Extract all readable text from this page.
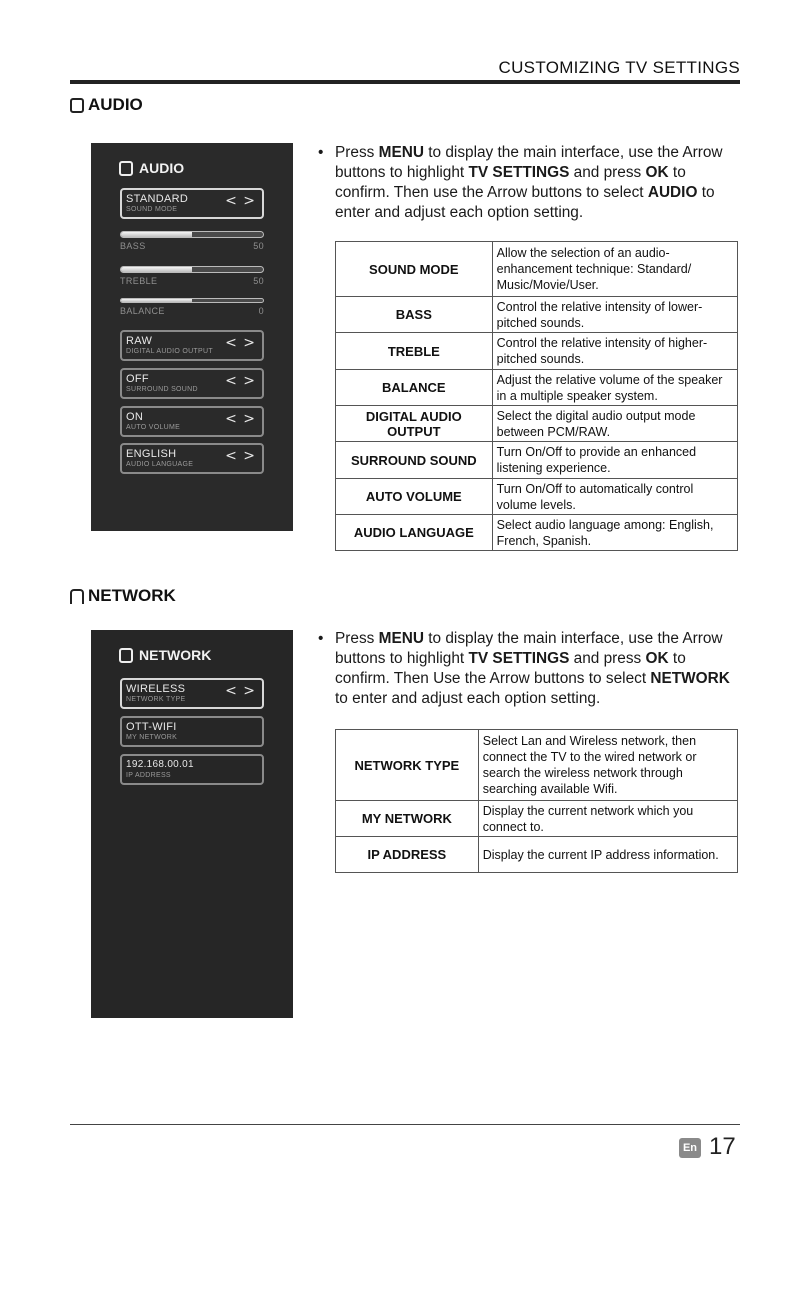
CUSTOMIZING TV SETTINGS
AUDIO
AUDIO
STANDARD
SOUND MODE
< >
BASS	50
TREBLE	50
BALANCE	0
RAW
DIGITAL AUDIO OUTPUT
< >
OFF
SURROUND SOUND
< >
ON
AUTO VOLUME
< >
ENGLISH
AUDIO LANGUAGE
< >
• Press MENU to display the main interface, use the Arrow buttons to highlight TV SETTINGS and press OK to confirm. Then use the Arrow buttons to select AUDIO to enter and adjust each option setting.

SOUND MODE	Allow the selection of an audio-enhancement technique: Standard/ Music/Movie/User.
BASS	Control the relative intensity of lower-pitched sounds.
TREBLE	Control the relative intensity of higher-pitched sounds.
BALANCE	Adjust the relative volume of the speaker in a multiple speaker system.
DIGITAL AUDIO OUTPUT	Select the digital audio output mode between PCM/RAW.
SURROUND SOUND	Turn On/Off to provide an enhanced listening experience.
AUTO VOLUME	Turn On/Off to automatically control volume levels.
AUDIO LANGUAGE	Select audio language among: English, French, Spanish.
NETWORK
NETWORK
WIRELESS
NETWORK TYPE
< >
OTT-WIFI
MY NETWORK
192.168.00.01
IP ADDRESS
• Press MENU to display the main interface, use the Arrow buttons to highlight TV SETTINGS and press OK to confirm. Then Use the Arrow buttons to select NETWORK to enter and adjust each option setting.

NETWORK TYPE	Select Lan and Wireless network, then connect the TV to the wired network or search the wireless network through searching available Wifi.
MY NETWORK	Display the current network which you connect to.
IP ADDRESS	Display the current IP address information.
En 17
